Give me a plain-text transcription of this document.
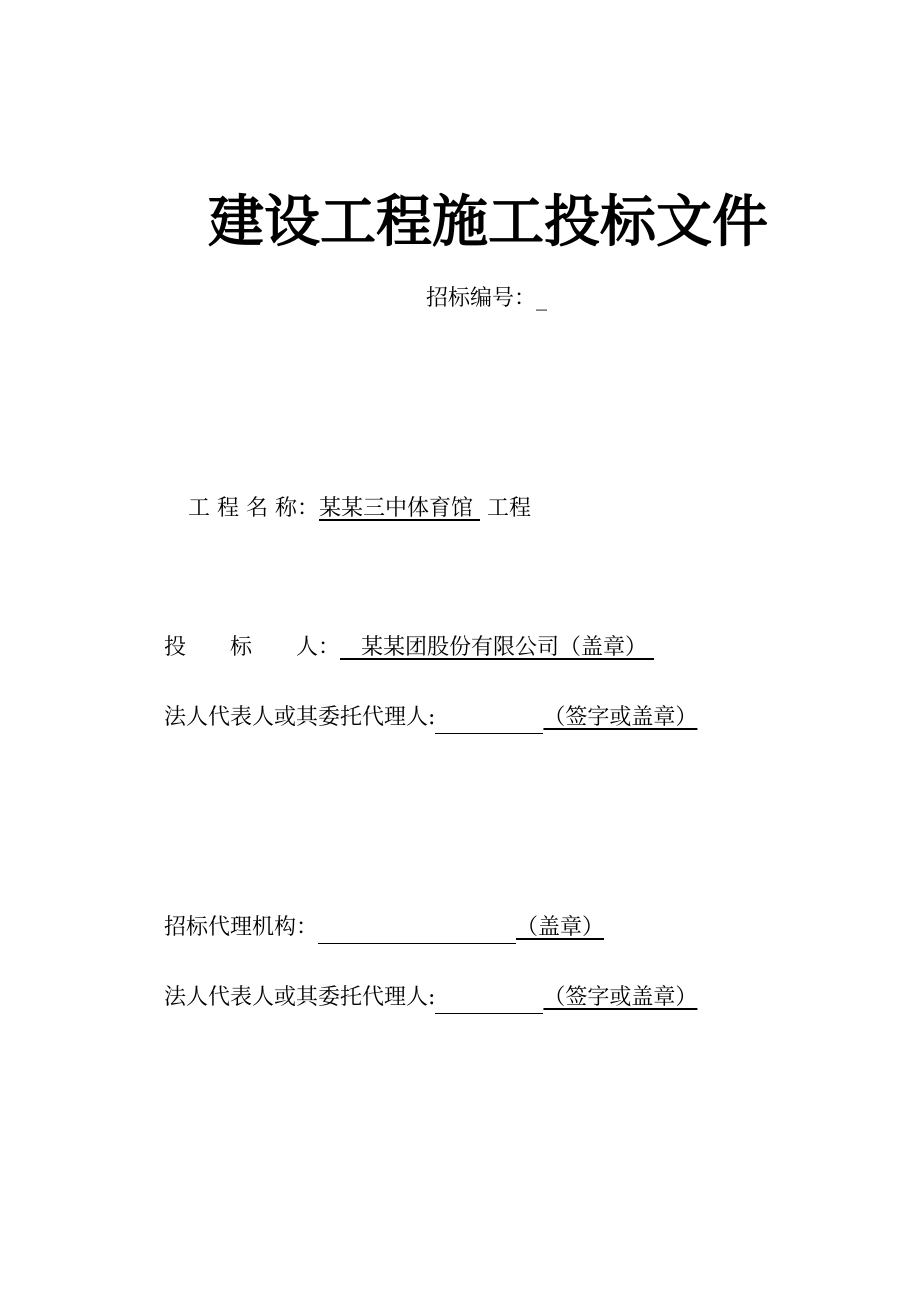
建设工程施工投标文件
招标编号：_
工 程 名 称：某某三中体育馆 工程
投　　标　　人： 某某团股份有限公司（盖章）
法人代表人或其委托代理人:	（签字或盖章）
招标代理机构：	（盖章）
法人代表人或其委托代理人:	（签字或盖章）
